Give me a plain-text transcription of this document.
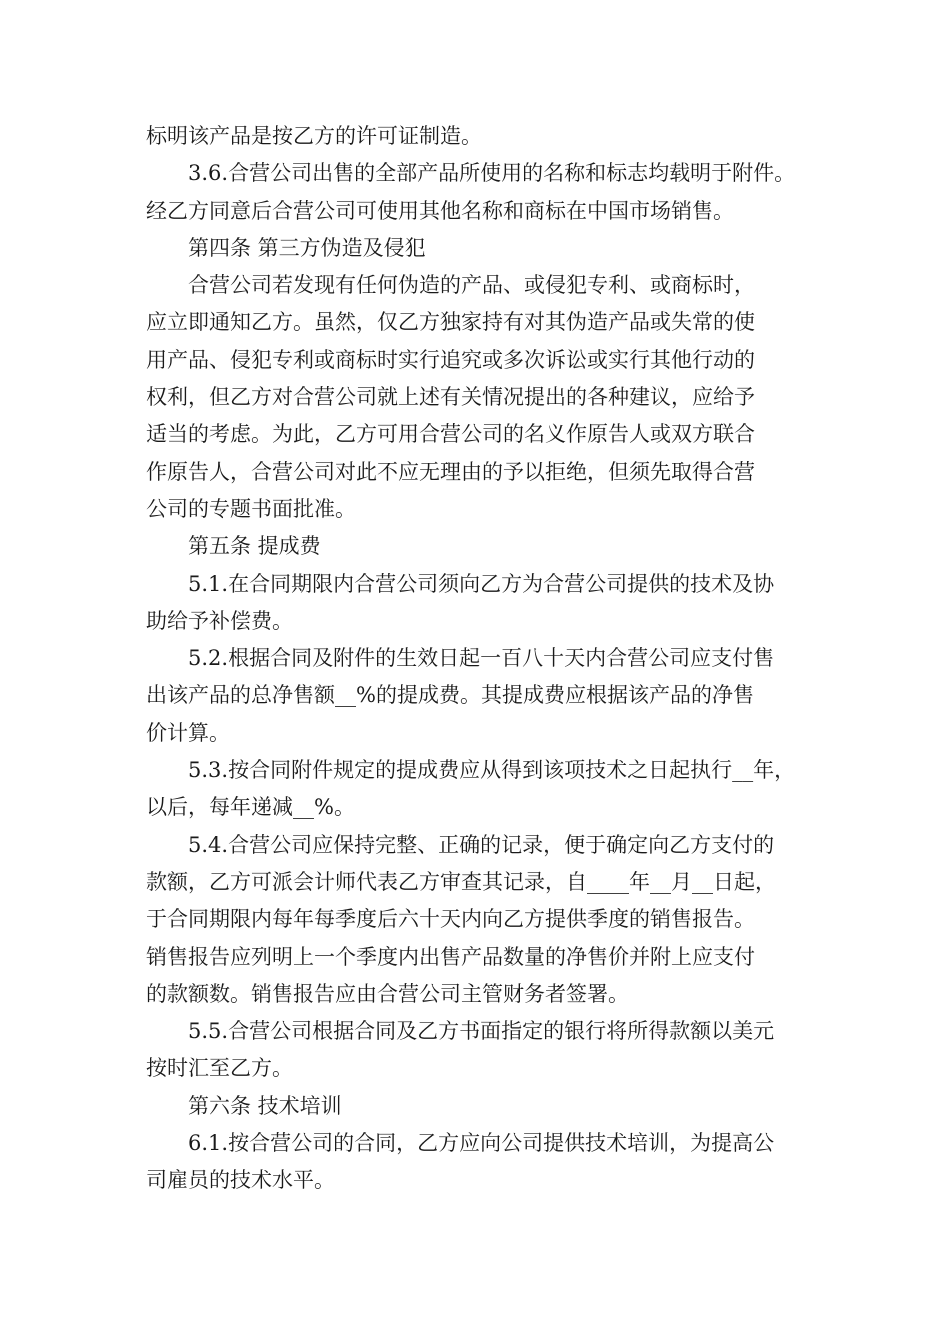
标明该产品是按乙方的许可证制造。
3.6.合营公司出售的全部产品所使用的名称和标志均载明于附件。
经乙方同意后合营公司可使用其他名称和商标在中国市场销售。
第四条 第三方伪造及侵犯
合营公司若发现有任何伪造的产品、或侵犯专利、或商标时，
应立即通知乙方。虽然，仅乙方独家持有对其伪造产品或失常的使
用产品、侵犯专利或商标时实行追究或多次诉讼或实行其他行动的
权利，但乙方对合营公司就上述有关情况提出的各种建议，应给予
适当的考虑。为此，乙方可用合营公司的名义作原告人或双方联合
作原告人，合营公司对此不应无理由的予以拒绝，但须先取得合营
公司的专题书面批准。
第五条 提成费
5.1.在合同期限内合营公司须向乙方为合营公司提供的技术及协
助给予补偿费。
5.2.根据合同及附件的生效日起一百八十天内合营公司应支付售
出该产品的总净售额__%的提成费。其提成费应根据该产品的净售
价计算。
5.3.按合同附件规定的提成费应从得到该项技术之日起执行__年，
以后，每年递减__%。
5.4.合营公司应保持完整、正确的记录，便于确定向乙方支付的
款额，乙方可派会计师代表乙方审查其记录，自____年__月__日起，
于合同期限内每年每季度后六十天内向乙方提供季度的销售报告。
销售报告应列明上一个季度内出售产品数量的净售价并附上应支付
的款额数。销售报告应由合营公司主管财务者签署。
5.5.合营公司根据合同及乙方书面指定的银行将所得款额以美元
按时汇至乙方。
第六条 技术培训
6.1.按合营公司的合同，乙方应向公司提供技术培训，为提高公
司雇员的技术水平。
